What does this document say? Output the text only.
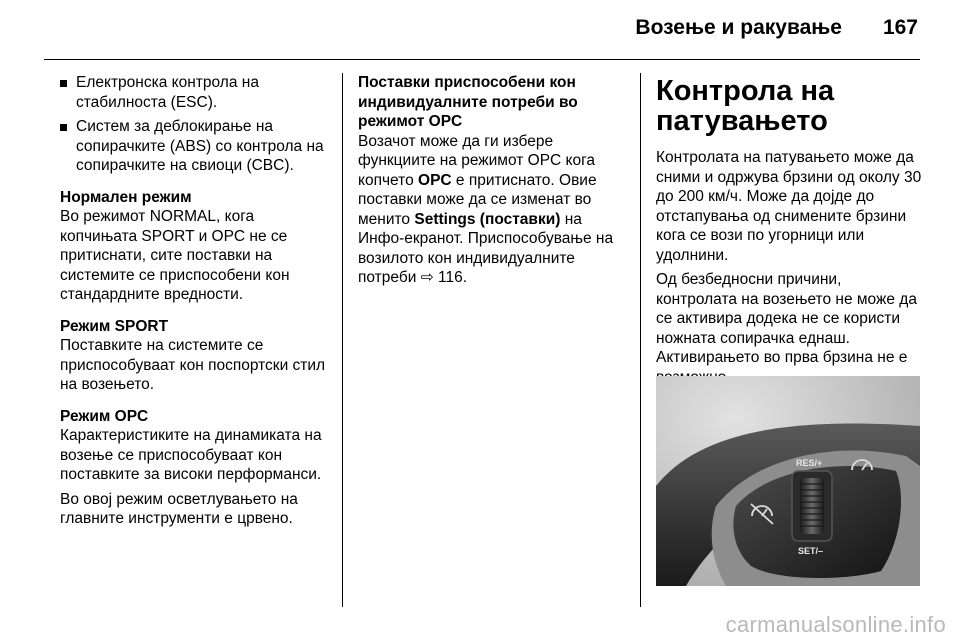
Возење и ракување 167
Електронска контрола на стабилноста (ESC).
Систем за деблокирање на сопирачките (ABS) со контрола на сопирачките на свиоци (CBC).
Нормален режим
Во режимот NORMAL, кога копчињата SPORT и OPC не се притиснати, сите поставки на системите се приспособени кон стандардните вредности.
Режим SPORT
Поставките на системите се приспособуваат кон поспортски стил на возењето.
Режим OPC
Карактеристиките на динамиката на возење се приспособуваат кон поставките за високи перформанси.
Во овој режим осветлувањето на главните инструменти е црвено.
Поставки приспособени кон индивидуалните потреби во режимот OPC
Возачот може да ги избере функциите на режимот OPC кога копчето OPC е притиснато. Овие поставки може да се изменат во менито Settings (поставки) на Инфо-екранот. Приспособување на возилото кон индивидуалните потреби ⇨ 116.
Контрола на патувањето
Контролата на патувањето може да сними и одржува брзини од околу 30 до 200 км/ч. Може да дојде до отстапувања од снимените брзини кога се вози по угорници или удолнини.
Од безбедносни причини, контролата на возењето не може да се активира додека не се користи ножната сопирачка еднаш. Активирањето во прва брзина не е
RES/+
SET/–
carmanualsonline.info
